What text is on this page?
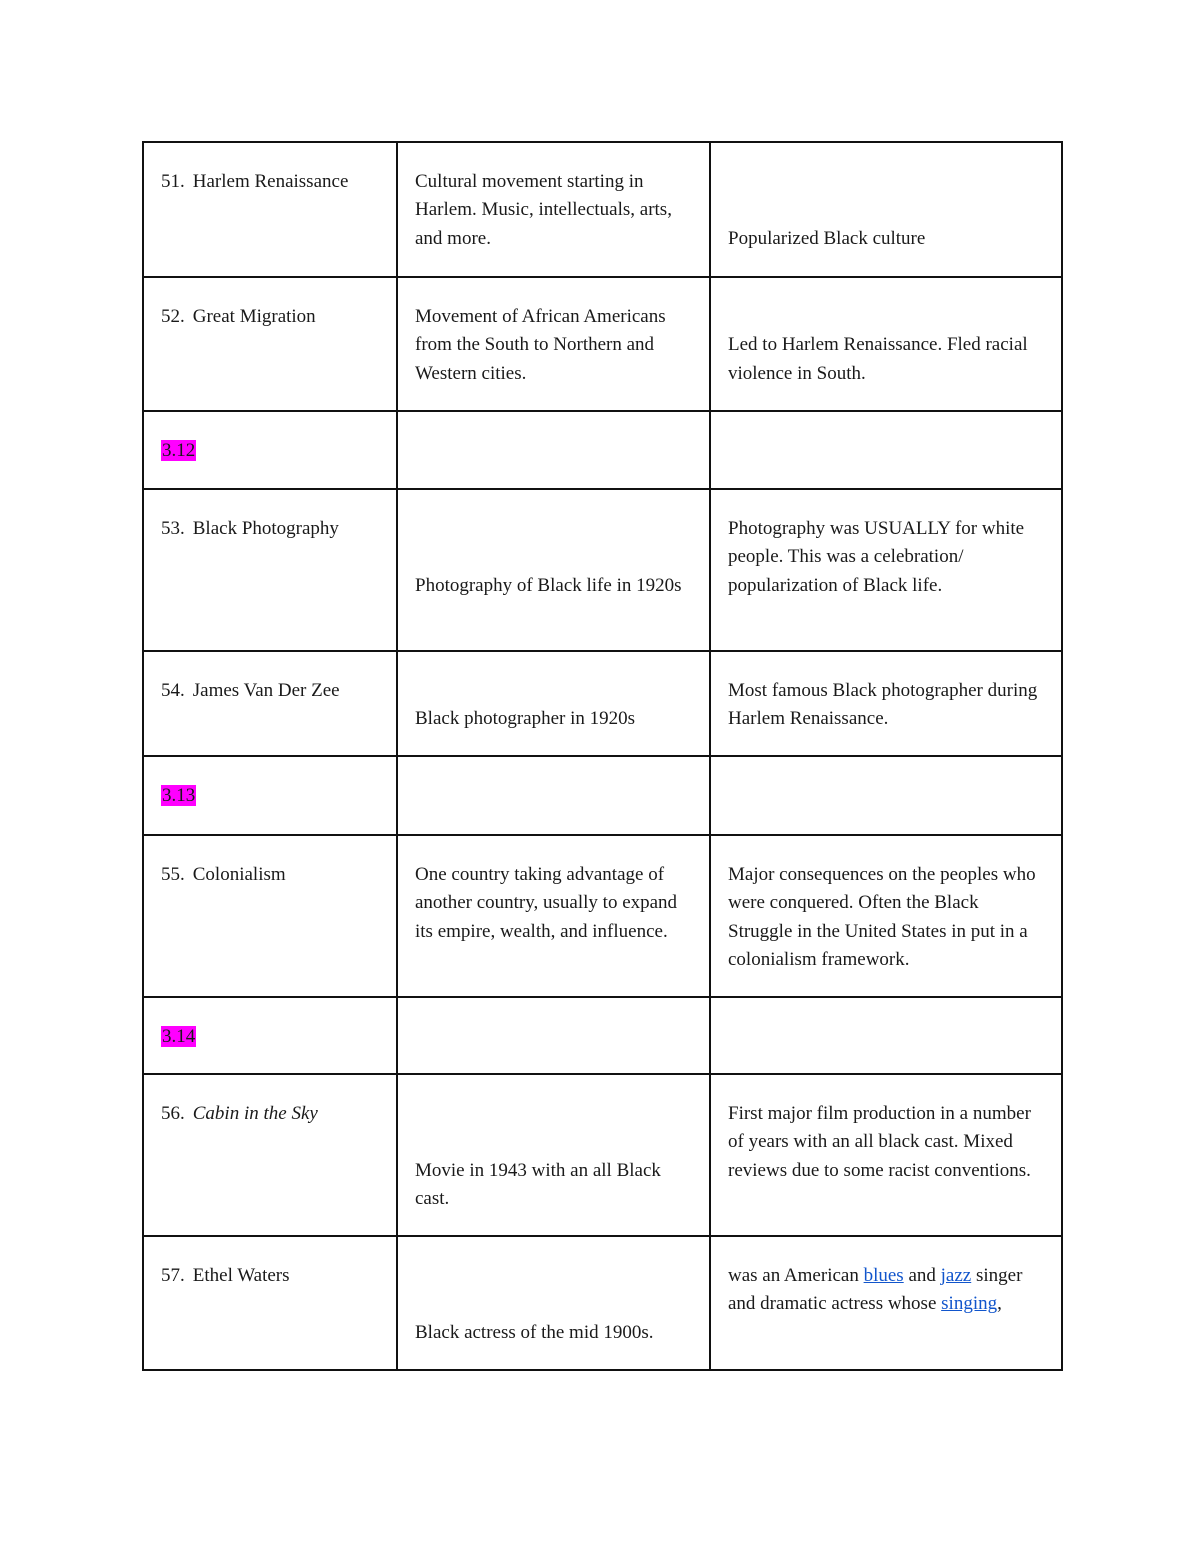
51. Harlem Renaissance	Cultural movement starting in Harlem. Music, intellectuals, arts, and more.	Popularized Black culture
52. Great Migration	Movement of African Americans from the South to Northern and Western cities.	Led to Harlem Renaissance. Fled racial violence in South.
3.12		
53. Black Photography	Photography of Black life in 1920s	Photography was USUALLY for white people. This was a celebration/ popularization of Black life.
54. James Van Der Zee	Black photographer in 1920s	Most famous Black photographer during Harlem Renaissance.
3.13		
55. Colonialism	One country taking advantage of another country, usually to expand its empire, wealth, and influence.	Major consequences on the peoples who were conquered. Often the Black Struggle in the United States in put in a colonialism framework.
3.14		
56. Cabin in the Sky	Movie in 1943 with an all Black cast.	First major film production in a number of years with an all black cast. Mixed reviews due to some racist conventions.
57. Ethel Waters	Black actress of the mid 1900s.	was an American blues and jazz singer and dramatic actress whose singing,
